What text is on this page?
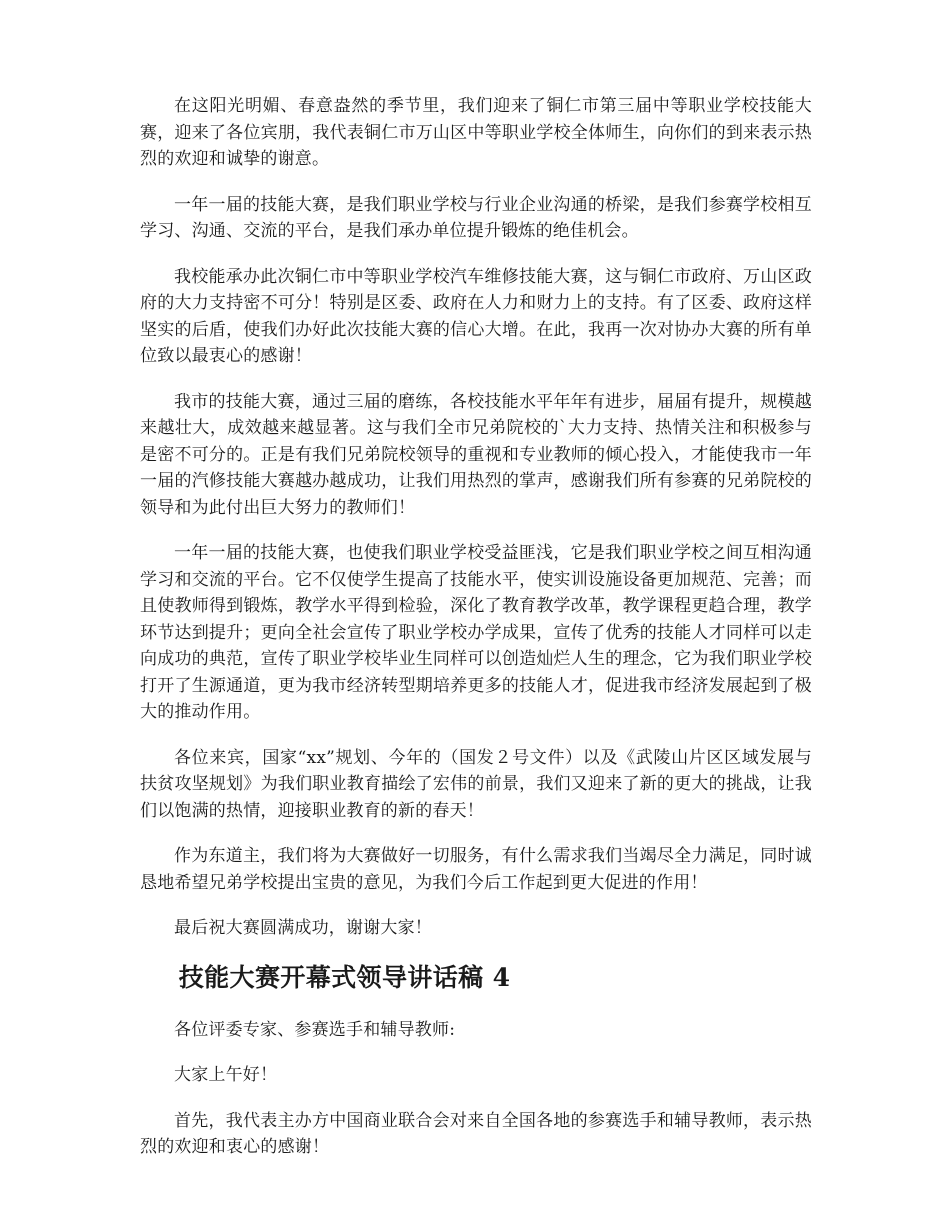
在这阳光明媚、春意盎然的季节里，我们迎来了铜仁市第三届中等职业学校技能大赛，迎来了各位宾朋，我代表铜仁市万山区中等职业学校全体师生，向你们的到来表示热烈的欢迎和诚挚的谢意。

一年一届的技能大赛，是我们职业学校与行业企业沟通的桥梁，是我们参赛学校相互学习、沟通、交流的平台，是我们承办单位提升锻炼的绝佳机会。

我校能承办此次铜仁市中等职业学校汽车维修技能大赛，这与铜仁市政府、万山区政府的大力支持密不可分！特别是区委、政府在人力和财力上的支持。有了区委、政府这样坚实的后盾，使我们办好此次技能大赛的信心大增。在此，我再一次对协办大赛的所有单位致以最衷心的感谢！

我市的技能大赛，通过三届的磨练，各校技能水平年年有进步，届届有提升，规模越来越壮大，成效越来越显著。这与我们全市兄弟院校的`大力支持、热情关注和积极参与是密不可分的。正是有我们兄弟院校领导的重视和专业教师的倾心投入，才能使我市一年一届的汽修技能大赛越办越成功，让我们用热烈的掌声，感谢我们所有参赛的兄弟院校的领导和为此付出巨大努力的教师们！

一年一届的技能大赛，也使我们职业学校受益匪浅，它是我们职业学校之间互相沟通学习和交流的平台。它不仅使学生提高了技能水平，使实训设施设备更加规范、完善；而且使教师得到锻炼，教学水平得到检验，深化了教育教学改革，教学课程更趋合理，教学环节达到提升；更向全社会宣传了职业学校办学成果，宣传了优秀的技能人才同样可以走向成功的典范，宣传了职业学校毕业生同样可以创造灿烂人生的理念，它为我们职业学校打开了生源通道，更为我市经济转型期培养更多的技能人才，促进我市经济发展起到了极大的推动作用。

各位来宾，国家“xx”规划、今年的（国发２号文件）以及《武陵山片区区域发展与扶贫攻坚规划》为我们职业教育描绘了宏伟的前景，我们又迎来了新的更大的挑战，让我们以饱满的热情，迎接职业教育的新的春天！

作为东道主，我们将为大赛做好一切服务，有什么需求我们当竭尽全力满足，同时诚恳地希望兄弟学校提出宝贵的意见，为我们今后工作起到更大促进的作用！

最后祝大赛圆满成功，谢谢大家！

技能大赛开幕式领导讲话稿 4

各位评委专家、参赛选手和辅导教师:

大家上午好！

首先，我代表主办方中国商业联合会对来自全国各地的参赛选手和辅导教师，表示热烈的欢迎和衷心的感谢！
